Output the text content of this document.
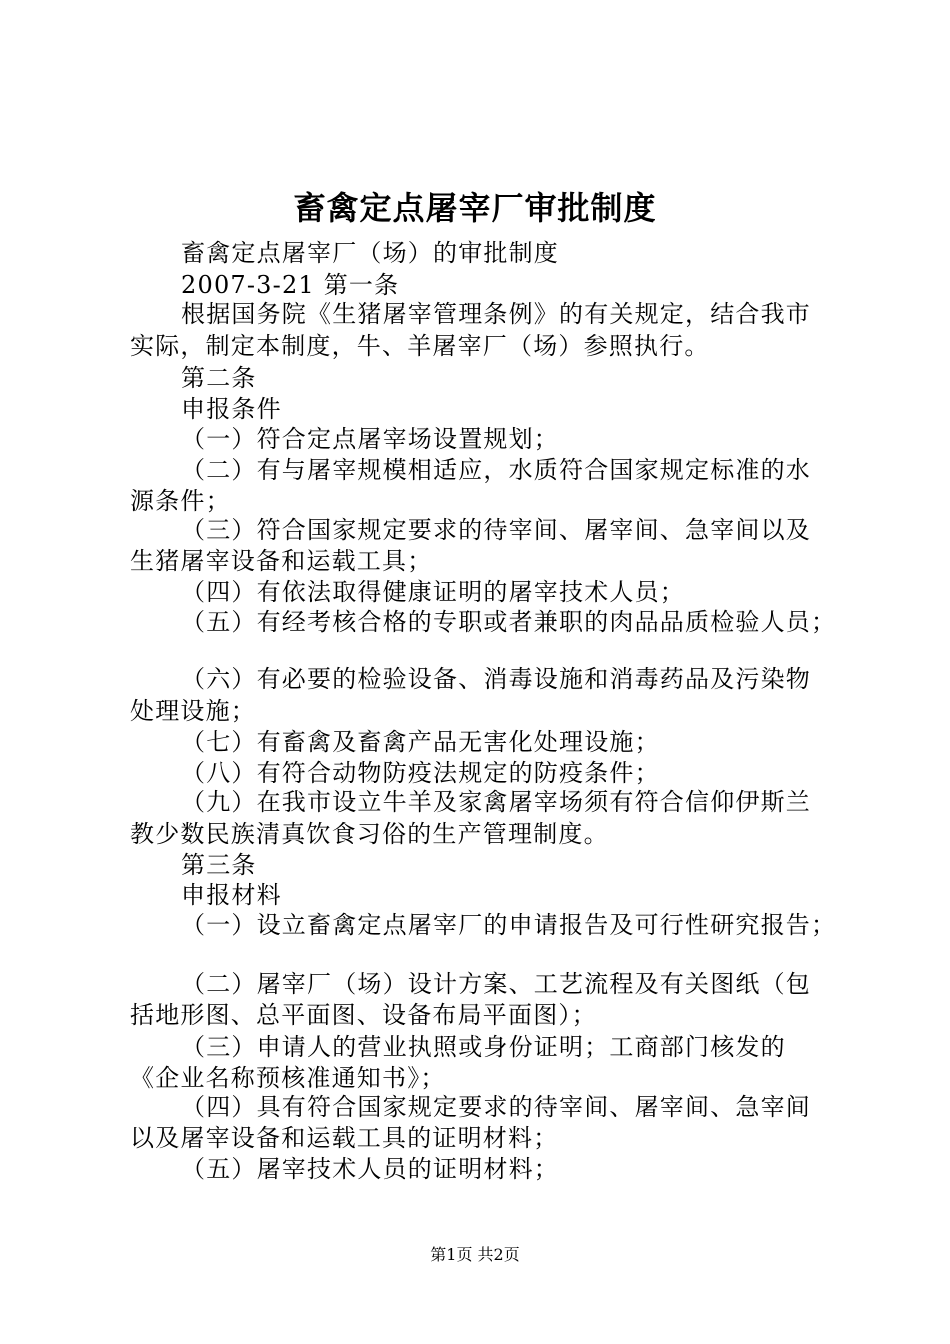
畜禽定点屠宰厂审批制度
畜禽定点屠宰厂（场）的审批制度
2007-3-21 第一条
根据国务院《生猪屠宰管理条例》的有关规定，结合我市
实际，制定本制度，牛、羊屠宰厂（场）参照执行。
第二条
申报条件
（一）符合定点屠宰场设置规划；
（二）有与屠宰规模相适应，水质符合国家规定标准的水
源条件；
（三）符合国家规定要求的待宰间、屠宰间、急宰间以及
生猪屠宰设备和运载工具；
（四）有依法取得健康证明的屠宰技术人员；
（五）有经考核合格的专职或者兼职的肉品品质检验人员；
（六）有必要的检验设备、消毒设施和消毒药品及污染物
处理设施；
（七）有畜禽及畜禽产品无害化处理设施；
（八）有符合动物防疫法规定的防疫条件；
（九）在我市设立牛羊及家禽屠宰场须有符合信仰伊斯兰
教少数民族清真饮食习俗的生产管理制度。
第三条
申报材料
（一）设立畜禽定点屠宰厂的申请报告及可行性研究报告；
（二）屠宰厂（场）设计方案、工艺流程及有关图纸（包
括地形图、总平面图、设备布局平面图）；
（三）申请人的营业执照或身份证明；工商部门核发的
《企业名称预核准通知书》；
（四）具有符合国家规定要求的待宰间、屠宰间、急宰间
以及屠宰设备和运载工具的证明材料；
（五）屠宰技术人员的证明材料；
第1页 共2页
